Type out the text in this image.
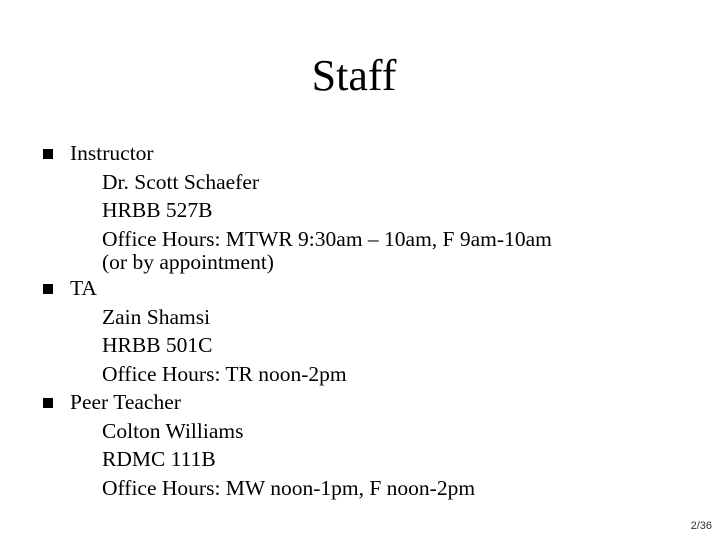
Staff
Instructor
Dr. Scott Schaefer
HRBB 527B
Office Hours: MTWR 9:30am – 10am, F 9am-10am
(or by appointment)
TA
Zain Shamsi
HRBB 501C
Office Hours: TR noon-2pm
Peer Teacher
Colton Williams
RDMC 111B
Office Hours: MW noon-1pm, F noon-2pm
2/36
